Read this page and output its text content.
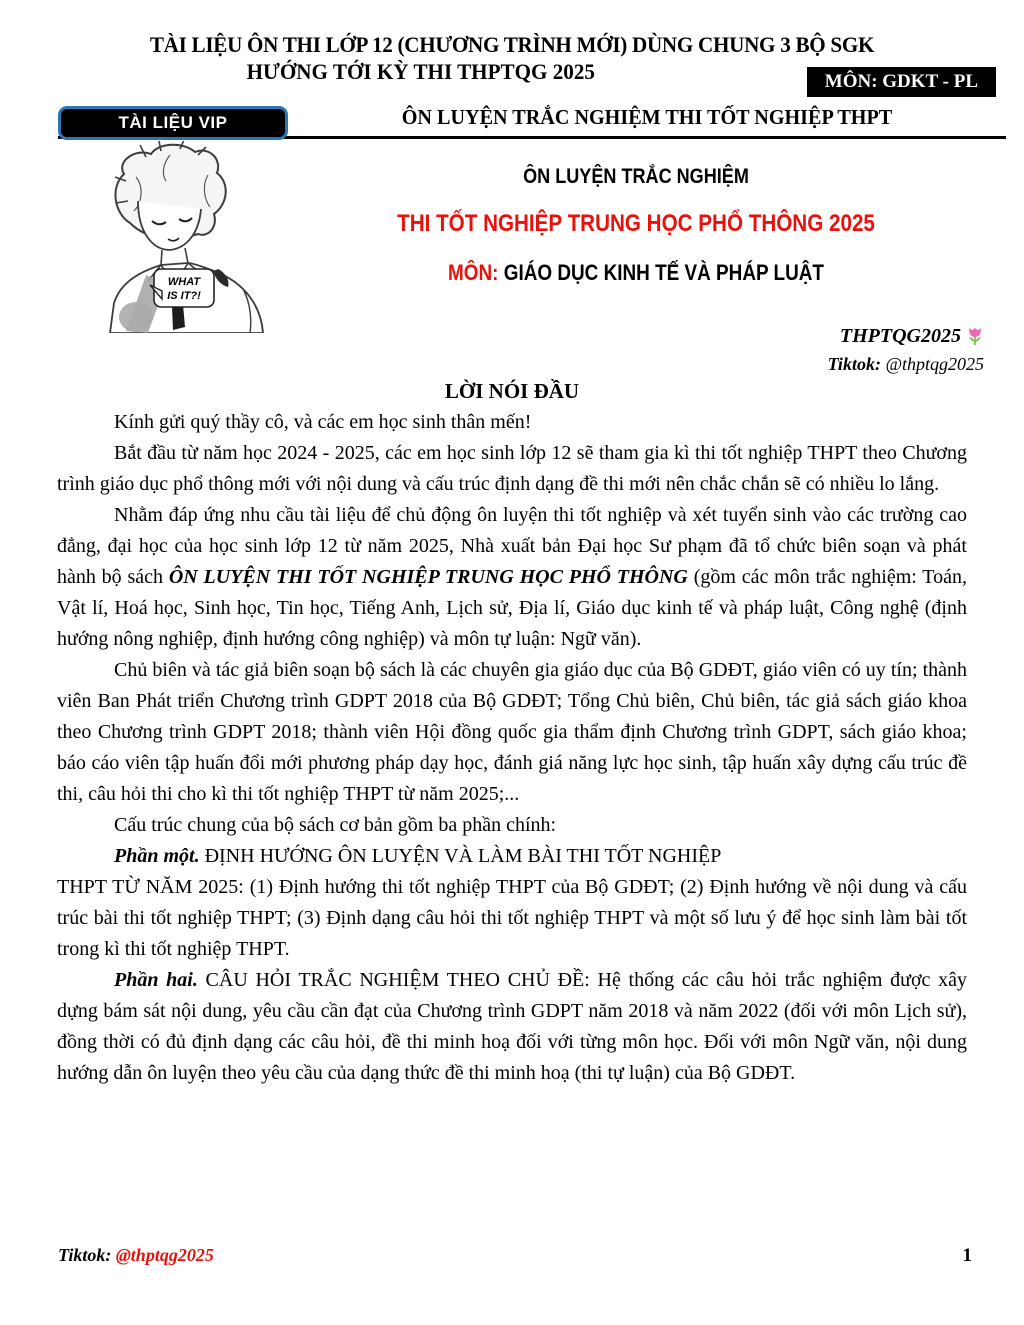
TÀI LIỆU ÔN THI LỚP 12 (CHƯƠNG TRÌNH MỚI) DÙNG CHUNG 3 BỘ SGK
HƯỚNG TỚI KỲ THI THPTQG 2025	MÔN: GDKT - PL
TÀI LIỆU VIP	ÔN LUYỆN TRẮC NGHIỆM THI TỐT NGHIỆP THPT
WHAT
IS IT?!
ÔN LUYỆN TRẮC NGHIỆM
THI TỐT NGHIỆP TRUNG HỌC PHỔ THÔNG 2025
MÔN: GIÁO DỤC KINH TẾ VÀ PHÁP LUẬT
THPTQG2025
Tiktok: @thptqg2025
LỜI NÓI ĐẦU

Kính gửi quý thầy cô, và các em học sinh thân mến!

Bắt đầu từ năm học 2024 - 2025, các em học sinh lớp 12 sẽ tham gia kì thi tốt nghiệp THPT theo Chương trình giáo dục phổ thông mới với nội dung và cấu trúc định dạng đề thi mới nên chắc chắn sẽ có nhiều lo lắng.

Nhằm đáp ứng nhu cầu tài liệu để chủ động ôn luyện thi tốt nghiệp và xét tuyển sinh vào các trường cao đẳng, đại học của học sinh lớp 12 từ năm 2025, Nhà xuất bản Đại học Sư phạm đã tổ chức biên soạn và phát hành bộ sách ÔN LUYỆN THI TỐT NGHIỆP TRUNG HỌC PHỔ THÔNG (gồm các môn trắc nghiệm: Toán, Vật lí, Hoá học, Sinh học, Tin học, Tiếng Anh, Lịch sử, Địa lí, Giáo dục kinh tế và pháp luật, Công nghệ (định hướng nông nghiệp, định hướng công nghiệp) và môn tự luận: Ngữ văn).

Chủ biên và tác giả biên soạn bộ sách là các chuyên gia giáo dục của Bộ GDĐT, giáo viên có uy tín; thành viên Ban Phát triển Chương trình GDPT 2018 của Bộ GDĐT; Tổng Chủ biên, Chủ biên, tác giả sách giáo khoa theo Chương trình GDPT 2018; thành viên Hội đồng quốc gia thẩm định Chương trình GDPT, sách giáo khoa; báo cáo viên tập huấn đổi mới phương pháp dạy học, đánh giá năng lực học sinh, tập huấn xây dựng cấu trúc đề thi, câu hỏi thi cho kì thi tốt nghiệp THPT từ năm 2025;...

Cấu trúc chung của bộ sách cơ bản gồm ba phần chính:

Phần một. ĐỊNH HƯỚNG ÔN LUYỆN VÀ LÀM BÀI THI TỐT NGHIỆP
THPT TỪ NĂM 2025: (1) Định hướng thi tốt nghiệp THPT của Bộ GDĐT; (2) Định hướng về nội dung và cấu trúc bài thi tốt nghiệp THPT; (3) Định dạng câu hỏi thi tốt nghiệp THPT và một số lưu ý để học sinh làm bài tốt trong kì thi tốt nghiệp THPT.

Phần hai. CÂU HỎI TRẮC NGHIỆM THEO CHỦ ĐỀ: Hệ thống các câu hỏi trắc nghiệm được xây dựng bám sát nội dung, yêu cầu cần đạt của Chương trình GDPT năm 2018 và năm 2022 (đối với môn Lịch sử), đồng thời có đủ định dạng các câu hỏi, đề thi minh hoạ đối với từng môn học. Đối với môn Ngữ văn, nội dung hướng dẫn ôn luyện theo yêu cầu của dạng thức đề thi minh hoạ (thi tự luận) của Bộ GDĐT.

Tiktok: @thptqg2025	1
